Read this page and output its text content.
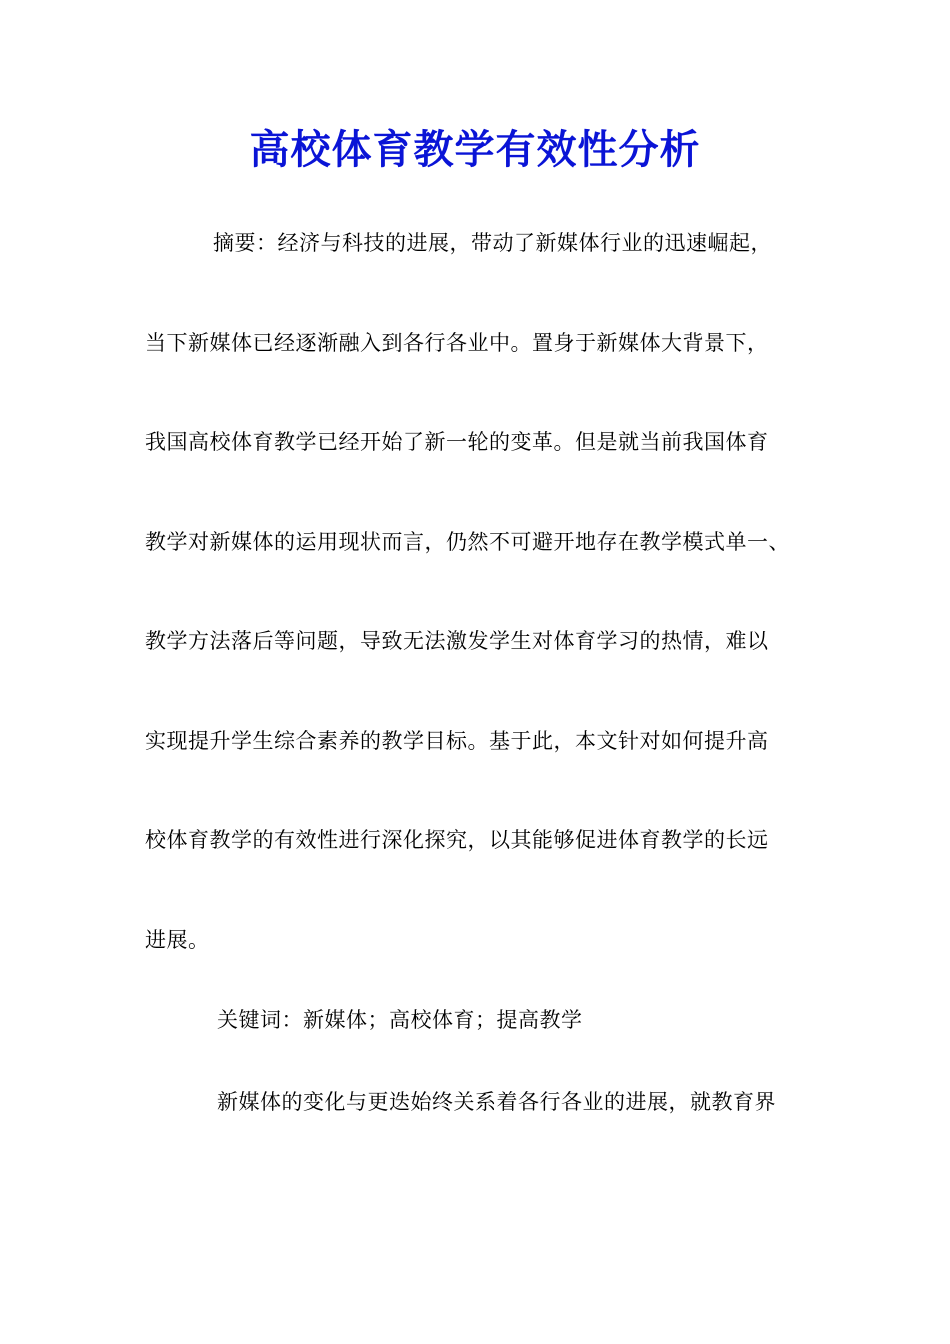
高校体育教学有效性分析
摘要：经济与科技的进展，带动了新媒体行业的迅速崛起，
当下新媒体已经逐渐融入到各行各业中。置身于新媒体大背景下，
我国高校体育教学已经开始了新一轮的变革。但是就当前我国体育
教学对新媒体的运用现状而言，仍然不可避开地存在教学模式单一、
教学方法落后等问题，导致无法激发学生对体育学习的热情，难以
实现提升学生综合素养的教学目标。基于此，本文针对如何提升高
校体育教学的有效性进行深化探究，以其能够促进体育教学的长远
进展。
关键词：新媒体；高校体育；提高教学
新媒体的变化与更迭始终关系着各行各业的进展，就教育界
